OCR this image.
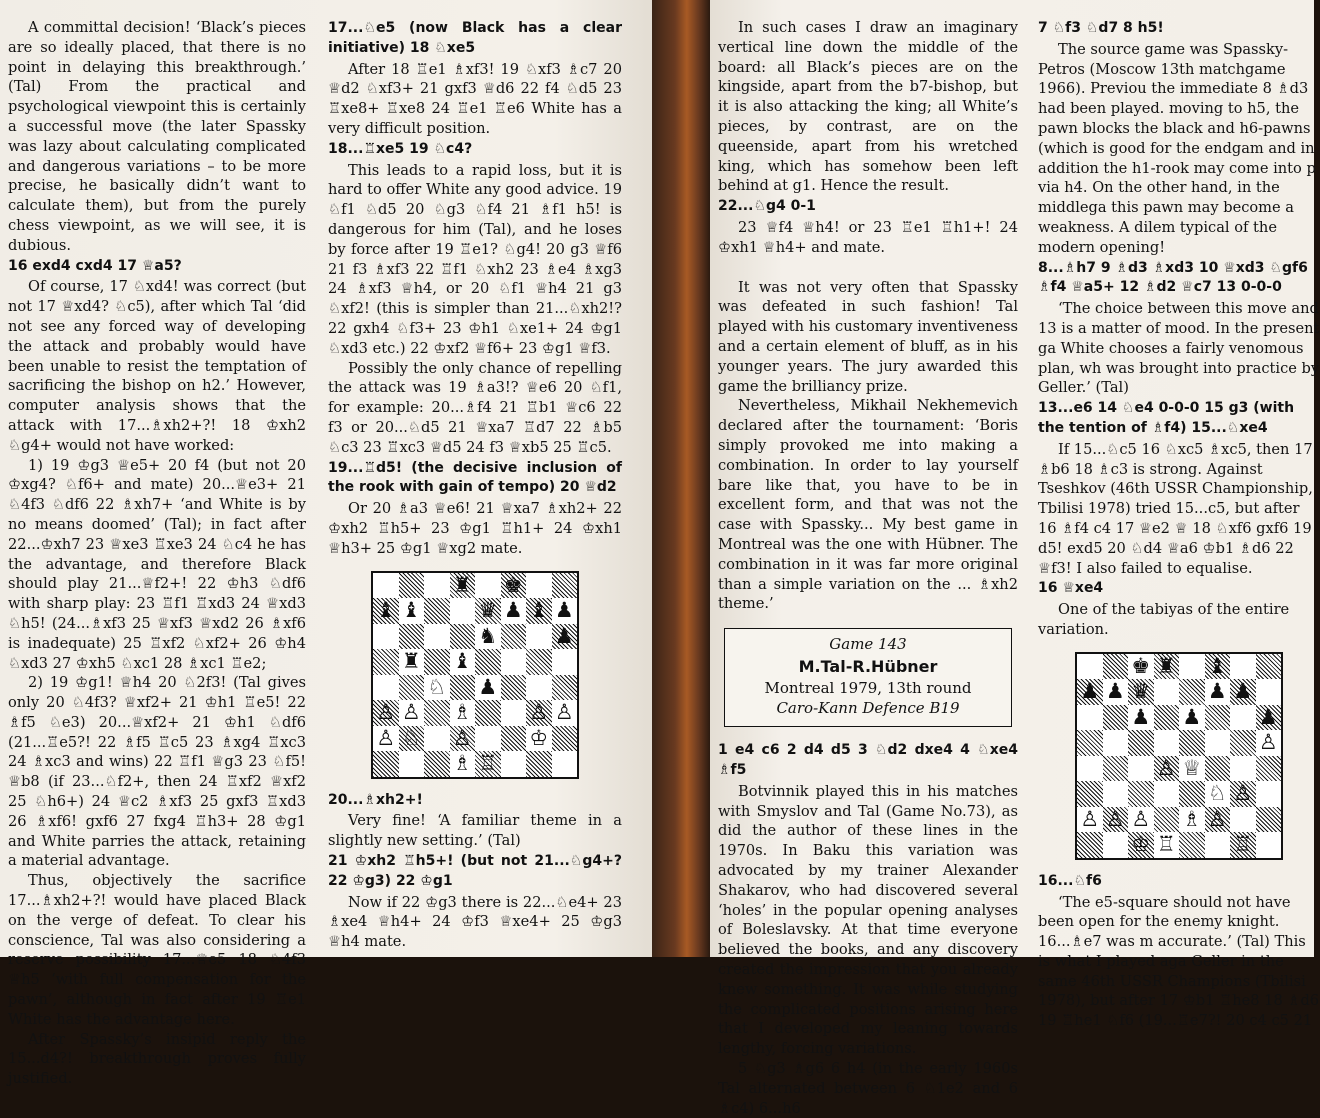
A committal decision! ‘Black’s pieces are so ideally placed, that there is no point in delaying this breakthrough.’ (Tal) From the practical and psychological viewpoint this is certainly a successful move (the later Spassky was lazy about calculating complicated and dangerous variations – to be more precise, he basically didn’t want to calculate them), but from the purely chess viewpoint, as we will see, it is dubious.

16 exd4 cxd4 17 ♕a5?

Of course, 17 ♘xd4! was correct (but not 17 ♕xd4? ♘c5), after which Tal ‘did not see any forced way of developing the attack and probably would have been unable to resist the temptation of sacrificing the bishop on h2.’ However, computer analysis shows that the attack with 17...♗xh2+?! 18 ♔xh2 ♘g4+ would not have worked:

1) 19 ♔g3 ♕e5+ 20 f4 (but not 20 ♔xg4? ♘f6+ and mate) 20...♕e3+ 21 ♘4f3 ♘df6 22 ♗xh7+ ‘and White is by no means doomed’ (Tal); in fact after 22...♔xh7 23 ♕xe3 ♖xe3 24 ♘c4 he has the advantage, and therefore Black should play 21...♕f2+! 22 ♔h3 ♘df6 with sharp play: 23 ♖f1 ♖xd3 24 ♕xd3 ♘h5! (24...♗xf3 25 ♕xf3 ♕xd2 26 ♗xf6 is inadequate) 25 ♖xf2 ♘xf2+ 26 ♔h4 ♘xd3 27 ♔xh5 ♘xc1 28 ♗xc1 ♖e2;

2) 19 ♔g1! ♕h4 20 ♘2f3! (Tal gives only 20 ♘4f3? ♕xf2+ 21 ♔h1 ♖e5! 22 ♗f5 ♘e3) 20...♕xf2+ 21 ♔h1 ♘df6 (21...♖e5?! 22 ♗f5 ♖c5 23 ♗xg4 ♖xc3 24 ♗xc3 and wins) 22 ♖f1 ♕g3 23 ♘f5! ♕b8 (if 23...♘f2+, then 24 ♖xf2 ♕xf2 25 ♘h6+) 24 ♕c2 ♗xf3 25 gxf3 ♖xd3 26 ♗xf6! gxf6 27 fxg4 ♖h3+ 28 ♔g1 and White parries the attack, retaining a material advantage.

Thus, objectively the sacrifice 17...♗xh2+?! would have placed Black on the verge of defeat. To clear his conscience, Tal was also considering a reserve possibility 17...♕e5 18 ♘4f3 ♕h5 ‘with full compensation for the pawn’, although in fact after 19 ♖e1 White has the advantage here.

After Spassky’s insipid reply the 15...d4?! breakthrough proves fully justified.

17...♘e5 (now Black has a clear initiative) 18 ♘xe5

After 18 ♖e1 ♗xf3! 19 ♘xf3 ♗c7 20 ♕d2 ♘xf3+ 21 gxf3 ♕d6 22 f4 ♘d5 23 ♖xe8+ ♖xe8 24 ♖e1 ♖e6 White has a very difficult position.

18...♖xe5 19 ♘c4?

This leads to a rapid loss, but it is hard to offer White any good advice. 19 ♘f1 ♘d5 20 ♘g3 ♘f4 21 ♗f1 h5! is dangerous for him (Tal), and he loses by force after 19 ♖e1? ♘g4! 20 g3 ♕f6 21 f3 ♗xf3 22 ♖f1 ♘xh2 23 ♗e4 ♗xg3 24 ♗xf3 ♕h4, or 20 ♘f1 ♕h4 21 g3 ♘xf2! (this is simpler than 21...♘xh2!? 22 gxh4 ♘f3+ 23 ♔h1 ♘xe1+ 24 ♔g1 ♘xd3 etc.) 22 ♔xf2 ♕f6+ 23 ♔g1 ♕f3.

Possibly the only chance of repelling the attack was 19 ♗a3!? ♕e6 20 ♘f1, for example: 20...♗f4 21 ♖b1 ♕c6 22 f3 or 20...♘d5 21 ♕xa7 ♖d7 22 ♗b5 ♘c3 23 ♖xc3 ♕d5 24 f3 ♕xb5 25 ♖c5.

19...♖d5! (the decisive inclusion of the rook with gain of tempo) 20 ♕d2

Or 20 ♗a3 ♕e6! 21 ♕xa7 ♗xh2+ 22 ♔xh2 ♖h5+ 23 ♔g1 ♖h1+ 24 ♔xh1 ♕h3+ 25 ♔g1 ♕xg2 mate.

♜ ♚
♝ ♝	♛ ♟ ♝ ♟
♞	♟
♜ ♝
♘ ♟
♙ ♙ ♗	♙ ♙
♙ ♘ ♙	♔
♗ ♖

20...♗xh2+!

Very fine! ‘A familiar theme in a slightly new setting.’ (Tal)

21 ♔xh2 ♖h5+! (but not 21...♘g4+? 22 ♔g3) 22 ♔g1

Now if 22 ♔g3 there is 22...♘e4+ 23 ♗xe4 ♕h4+ 24 ♔f3 ♕xe4+ 25 ♔g3 ♕h4 mate.

In such cases I draw an imaginary vertical line down the middle of the board: all Black’s pieces are on the kingside, apart from the b7-bishop, but it is also attacking the king; all White’s pieces, by contrast, are on the queenside, apart from his wretched king, which has somehow been left behind at g1. Hence the result.

22...♘g4 0-1

23 ♕f4 ♕h4! or 23 ♖e1 ♖h1+! 24 ♔xh1 ♕h4+ and mate.

It was not very often that Spassky was defeated in such fashion! Tal played with his customary inventiveness and a certain element of bluff, as in his younger years. The jury awarded this game the brilliancy prize.

Nevertheless, Mikhail Nekhemevich declared after the tournament: ‘Boris simply provoked me into making a combination. In order to lay yourself bare like that, you have to be in excellent form, and that was not the case with Spassky... My best game in Montreal was the one with Hübner. The combination in it was far more original than a simple variation on the ... ♗xh2 theme.’

Game 143
M.Tal-R.Hübner
Montreal 1979, 13th round
Caro-Kann Defence B19

1 e4 c6 2 d4 d5 3 ♘d2 dxe4 4 ♘xe4 ♗f5

Botvinnik played this in his matches with Smyslov and Tal (Game No.73), as did the author of these lines in the 1970s. In Baku this variation was advocated by my trainer Alexander Shakarov, who had discovered several ‘holes’ in the popular opening analyses of Boleslavsky. At that time everyone believed the books, and any discovery created the impression that you already knew something. It was while studying the complicated positions arising here that I developed my leaning towards lengthy, forcing variations.

5 ♘g3 ♗g6 6 h4 (in the early 1960s Tal alternated between 6 ♘1e2 and 6 ♗c4) 6...h6

7 ♘f3 ♘d7 8 h5!

The source game was Spassky-Petros (Moscow 13th matchgame 1966). Previou the immediate 8 ♗d3 had been played. moving to h5, the pawn blocks the black and h6-pawns (which is good for the endgam and in addition the h1-rook may come into p via h4. On the other hand, in the middlega this pawn may become a weakness. A dilem typical of the modern opening!

8...♗h7 9 ♗d3 ♗xd3 10 ♕xd3 ♘gf6 ♗f4 ♕a5+ 12 ♗d2 ♕c7 13 0-0-0

‘The choice between this move and 13 is a matter of mood. In the present ga White chooses a fairly venomous plan, wh was brought into practice by Geller.’ (Tal)

13...e6 14 ♘e4 0-0-0 15 g3 (with the tention of ♗f4) 15...♘xe4

If 15...♘c5 16 ♘xc5 ♗xc5, then 17 ♗b6 18 ♗c3 is strong. Against Tseshkov (46th USSR Championship, Tbilisi 1978) tried 15...c5, but after 16 ♗f4 c4 17 ♕e2 ♕ 18 ♘xf6 gxf6 19 d5! exd5 20 ♘d4 ♕a6 ♔b1 ♗d6 22 ♕f3! I also failed to equalise.

16 ♕xe4

One of the tabiyas of the entire variation.

♚ ♜ ♝
♟ ♟ ♛	♟ ♟
♟ ♟	♟
♙
♙ ♕
♘ ♙
♙ ♙ ♙ ♗ ♙
♔ ♖	♖

16...♘f6

‘The e5-square should not have been open for the enemy knight. 16...♗e7 was m accurate.’ (Tal) This is what I played aga Geller in the same 46th USSR Champions (Tbilisi 1978), but after 17 ♔b1 ♖he8 18 ♗d6 19 ♖he1 ♘f6 (19...♖e7?! 20 c4 c5 21
